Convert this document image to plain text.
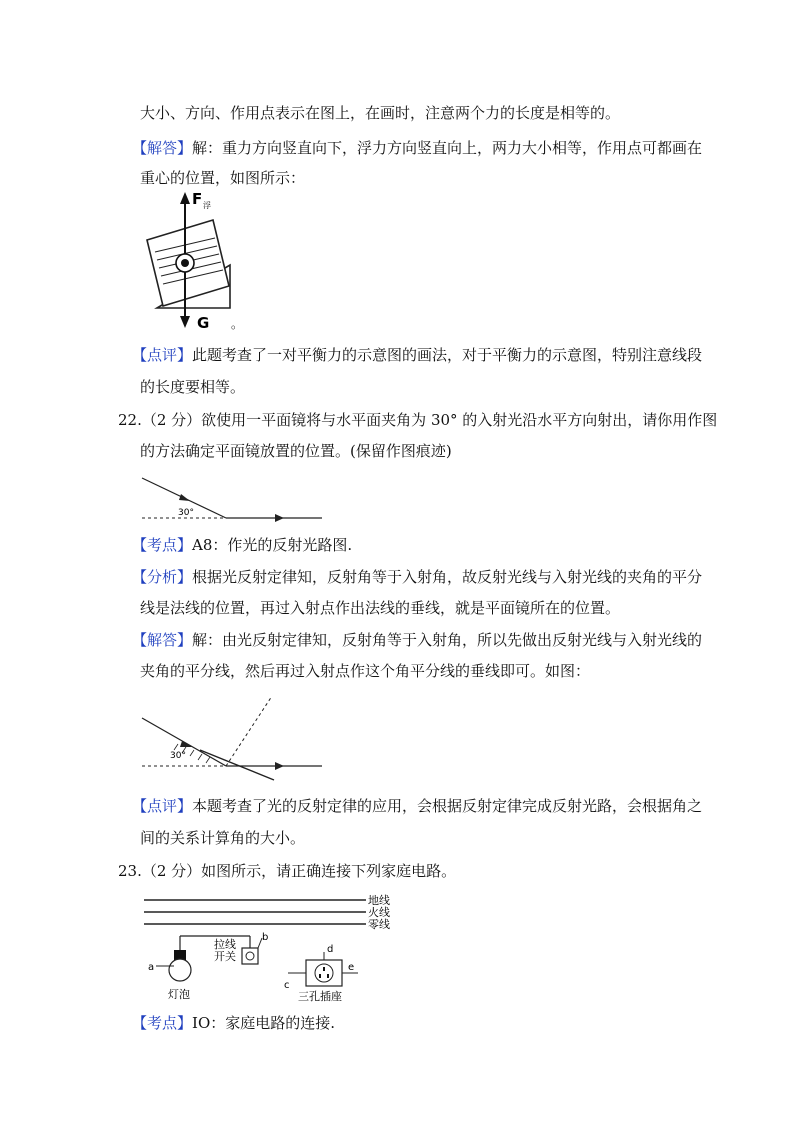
大小、方向、作用点表示在图上，在画时，注意两个力的长度是相等的。
【解答】解：重力方向竖直向下，浮力方向竖直向上，两力大小相等，作用点可都画在
重心的位置，如图所示：
F 浮
G 。
【点评】此题考查了一对平衡力的示意图的画法，对于平衡力的示意图，特别注意线段
的长度要相等。
22.（2 分）欲使用一平面镜将与水平面夹角为 30° 的入射光沿水平方向射出，请你用作图
的方法确定平面镜放置的位置。(保留作图痕迹)
30°
【考点】A8：作光的反射光路图.
【分析】根据光反射定律知，反射角等于入射角，故反射光线与入射光线的夹角的平分
线是法线的位置，再过入射点作出法线的垂线，就是平面镜所在的位置。
【解答】解：由光反射定律知，反射角等于入射角，所以先做出反射光线与入射光线的
夹角的平分线，然后再过入射点作这个角平分线的垂线即可。如图：
30°
【点评】本题考查了光的反射定律的应用，会根据反射定律完成反射光路，会根据角之
间的关系计算角的大小。
23.（2 分）如图所示，请正确连接下列家庭电路。
地线
火线
零线
a
灯泡
b
拉线
开关
d
c
e
三孔插座
【考点】IO：家庭电路的连接.
